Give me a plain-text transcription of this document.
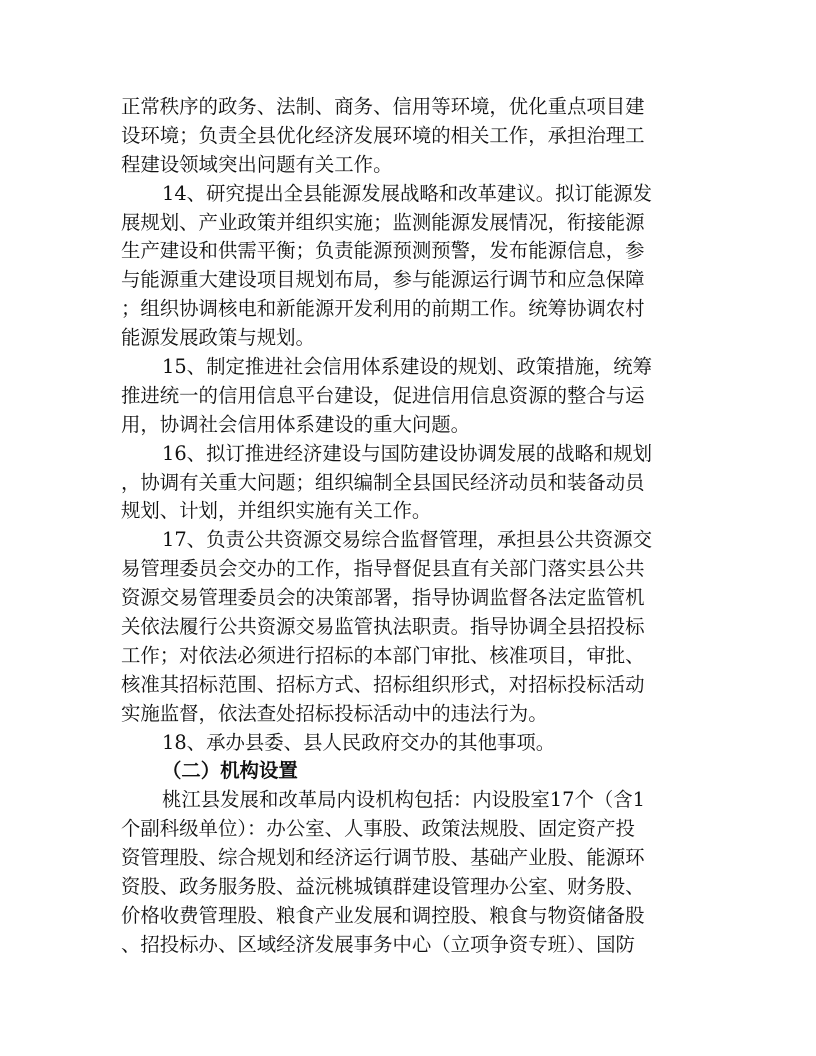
正常秩序的政务、法制、商务、信用等环境，优化重点项目建
设环境；负责全县优化经济发展环境的相关工作，承担治理工
程建设领域突出问题有关工作。
14、研究提出全县能源发展战略和改革建议。拟订能源发
展规划、产业政策并组织实施；监测能源发展情况，衔接能源
生产建设和供需平衡；负责能源预测预警，发布能源信息，参
与能源重大建设项目规划布局，参与能源运行调节和应急保障
；组织协调核电和新能源开发利用的前期工作。统筹协调农村
能源发展政策与规划。
15、制定推进社会信用体系建设的规划、政策措施，统筹
推进统一的信用信息平台建设，促进信用信息资源的整合与运
用，协调社会信用体系建设的重大问题。
16、拟订推进经济建设与国防建设协调发展的战略和规划
，协调有关重大问题；组织编制全县国民经济动员和装备动员
规划、计划，并组织实施有关工作。
17、负责公共资源交易综合监督管理，承担县公共资源交
易管理委员会交办的工作，指导督促县直有关部门落实县公共
资源交易管理委员会的决策部署，指导协调监督各法定监管机
关依法履行公共资源交易监管执法职责。指导协调全县招投标
工作；对依法必须进行招标的本部门审批、核准项目，审批、
核准其招标范围、招标方式、招标组织形式，对招标投标活动
实施监督，依法查处招标投标活动中的违法行为。
18、承办县委、县人民政府交办的其他事项。
（二）机构设置
桃江县发展和改革局内设机构包括：内设股室17个（含1
个副科级单位）：办公室、人事股、政策法规股、固定资产投
资管理股、综合规划和经济运行调节股、基础产业股、能源环
资股、政务服务股、益沅桃城镇群建设管理办公室、财务股、
价格收费管理股、粮食产业发展和调控股、粮食与物资储备股
、招投标办、区域经济发展事务中心（立项争资专班）、国防
